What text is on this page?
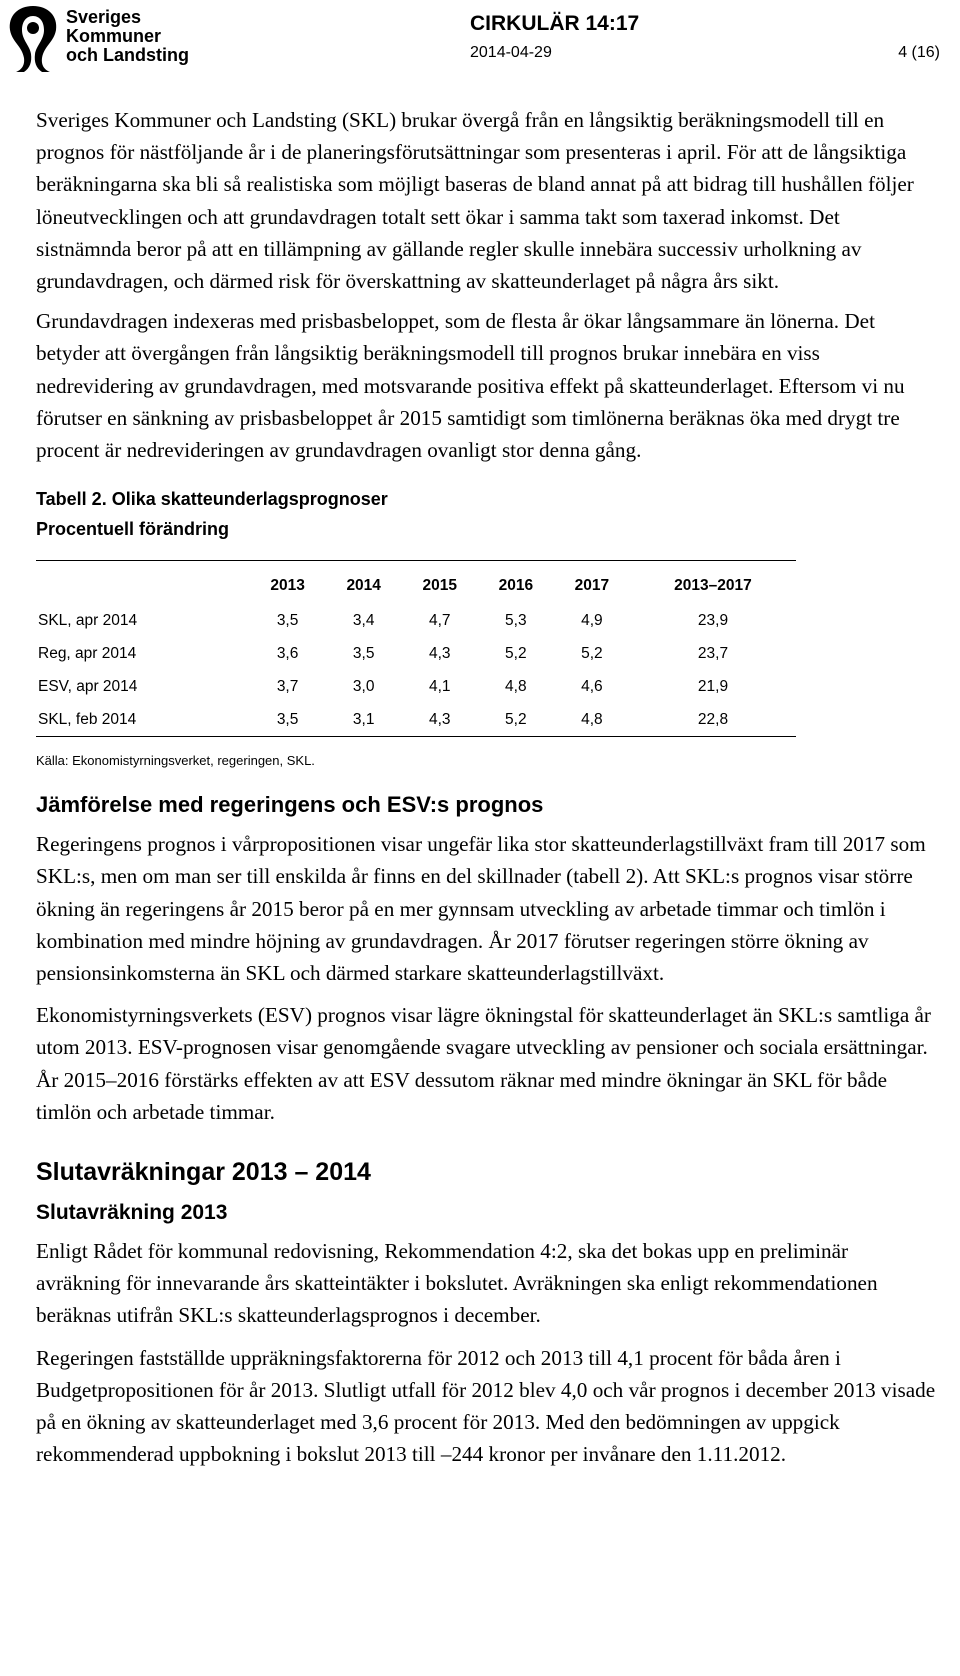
Sveriges
Kommuner
och Landsting
CIRKULÄR 14:17
2014-04-29	4 (16)

Sveriges Kommuner och Landsting (SKL) brukar övergå från en långsiktig beräkningsmodell till en prognos för nästföljande år i de planeringsförutsättningar som presenteras i april. För att de långsiktiga beräkningarna ska bli så realistiska som möjligt baseras de bland annat på att bidrag till hushållen följer löneutvecklingen och att grundavdragen totalt sett ökar i samma takt som taxerad inkomst. Det sistnämnda beror på att en tillämpning av gällande regler skulle innebära successiv urholkning av grundavdragen, och därmed risk för överskattning av skatteunderlaget på några års sikt.

Grundavdragen indexeras med prisbasbeloppet, som de flesta år ökar långsammare än lönerna. Det betyder att övergången från långsiktig beräkningsmodell till prognos brukar innebära en viss nedrevidering av grundavdragen, med motsvarande positiva effekt på skatteunderlaget. Eftersom vi nu förutser en sänkning av prisbasbeloppet år 2015 samtidigt som timlönerna beräknas öka med drygt tre procent är nedrevideringen av grundavdragen ovanligt stor denna gång.

Tabell 2. Olika skatteunderlagsprognoser
Procentuell förändring
	2013	2014	2015	2016	2017	2013–2017
SKL, apr 2014	3,5	3,4	4,7	5,3	4,9	23,9
Reg, apr 2014	3,6	3,5	4,3	5,2	5,2	23,7
ESV, apr 2014	3,7	3,0	4,1	4,8	4,6	21,9
SKL, feb 2014	3,5	3,1	4,3	5,2	4,8	22,8
Källa: Ekonomistyrningsverket, regeringen, SKL.
Jämförelse med regeringens och ESV:s prognos

Regeringens prognos i vårpropositionen visar ungefär lika stor skatteunderlagstillväxt fram till 2017 som SKL:s, men om man ser till enskilda år finns en del skillnader (tabell 2). Att SKL:s prognos visar större ökning än regeringens år 2015 beror på en mer gynnsam utveckling av arbetade timmar och timlön i kombination med mindre höjning av grundavdragen. År 2017 förutser regeringen större ökning av pensionsinkomsterna än SKL och därmed starkare skatteunderlagstillväxt.

Ekonomistyrningsverkets (ESV) prognos visar lägre ökningstal för skatteunderlaget än SKL:s samtliga år utom 2013. ESV-prognosen visar genomgående svagare utveckling av pensioner och sociala ersättningar. År 2015–2016 förstärks effekten av att ESV dessutom räknar med mindre ökningar än SKL för både timlön och arbetade timmar.

Slutavräkningar 2013 – 2014
Slutavräkning 2013

Enligt Rådet för kommunal redovisning, Rekommendation 4:2, ska det bokas upp en preliminär avräkning för innevarande års skatteintäkter i bokslutet. Avräkningen ska enligt rekommendationen beräknas utifrån SKL:s skatteunderlagsprognos i december.

Regeringen fastställde uppräkningsfaktorerna för 2012 och 2013 till 4,1 procent för båda åren i Budgetpropositionen för år 2013. Slutligt utfall för 2012 blev 4,0 och vår prognos i december 2013 visade på en ökning av skatteunderlaget med 3,6 procent för 2013. Med den bedömningen av uppgick rekommenderad uppbokning i bokslut 2013 till –244 kronor per invånare den 1.11.2012.
